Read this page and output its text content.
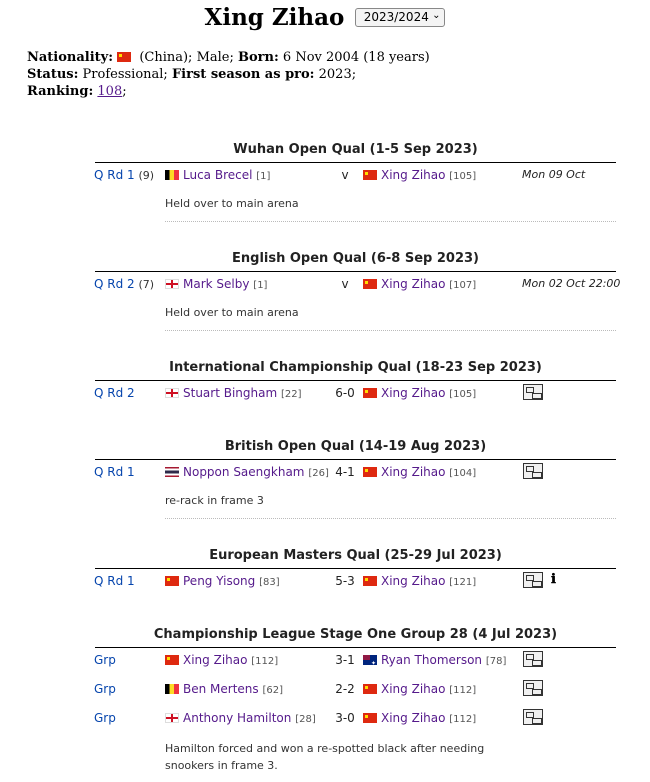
Xing Zihao 2023/2024 ⌄
Nationality: (China); Male; Born: 6 Nov 2004 (18 years)
Status: Professional; First season as pro: 2023;
Ranking: 108;
Wuhan Open Qual (1-5 Sep 2023)
Q Rd 1 (9)	Luca Brecel [1]	v	Xing Zihao [105]	Mon 09 Oct
Held over to main arena
English Open Qual (6-8 Sep 2023)
Q Rd 2 (7)	Mark Selby [1]	v	Xing Zihao [107]	Mon 02 Oct 22:00
Held over to main arena
International Championship Qual (18-23 Sep 2023)
Q Rd 2	Stuart Bingham [22]	6-0	Xing Zihao [105]
British Open Qual (14-19 Aug 2023)
Q Rd 1	Noppon Saengkham [26] 4-1	Xing Zihao [104]
re-rack in frame 3
European Masters Qual (25-29 Jul 2023)
Q Rd 1	Peng Yisong [83]	5-3	Xing Zihao [121]	ℹ
Championship League Stage One Group 28 (4 Jul 2023)
Grp	Xing Zihao [112]	3-1
✦	Ryan Thomerson [78]
Grp	Ben Mertens [62]	2-2	Xing Zihao [112]
Grp	Anthony Hamilton [28]	3-0	Xing Zihao [112]
Hamilton forced and won a re-spotted black after needing snookers in frame 3.
